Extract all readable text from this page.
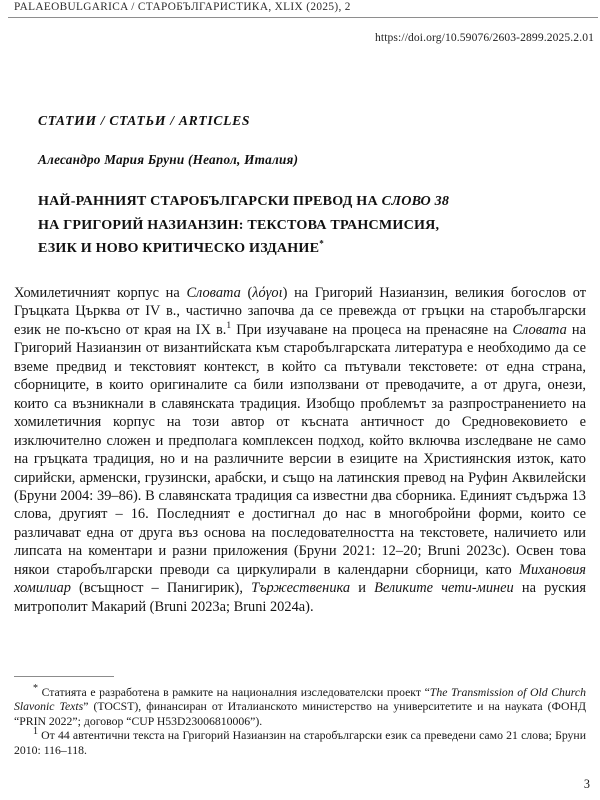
PALAEOBULGARICA / СТАРОБЪЛГАРИСТИКА, XLIX (2025), 2
https://doi.org/10.59076/2603-2899.2025.2.01
СТАТИИ / СТАТЬИ / ARTICLES
Алесандро Мария Бруни (Неапол, Италия)
НАЙ-РАННИЯТ СТАРОБЪЛГАРСКИ ПРЕВОД НА СЛОВО 38
НА ГРИГОРИЙ НАЗИАНЗИН: ТЕКСТОВА ТРАНСМИСИЯ,
ЕЗИК И НОВО КРИТИЧЕСКО ИЗДАНИЕ*

Хомилетичният корпус на Словата (λόγοι) на Григорий Назианзин, великия богослов от Гръцката Църква от IV в., частично започва да се превежда от гръцки на старобългарски език не по-късно от края на IX в.$^1$ При изучаване на процеса на пренасяне на Словата на Григорий Назианзин от византийската към старобългарската литература е необходимо да се вземе предвид и текстовият контекст, в който са пътували текстовете: от една страна, сборниците, в които оригиналите са били използвани от преводачите, а от друга, онези, които са възникнали в славянската традиция. Изобщо проблемът за разпространението на хомилетичния корпус на този автор от късната античност до Средновековието е изключително сложен и предполага комплексен подход, който включва изследване не само на гръцката традиция, но и на различните версии в езиците на Християнския изток, като сирийски, арменски, грузински, арабски, и също на латинския превод на Руфин Аквилейски (Бруни 2004: 39–86). В славянската традиция са известни два сборника. Единият съдържа 13 слова, другият – 16. Последният е достигнал до нас в многобройни форми, които се различават една от друга въз основа на последователността на текстовете, наличието или липсата на коментари и разни приложения (Бруни 2021: 12–20; Bruni 2023c). Освен това някои старобългарски преводи са циркулирали в календарни сборници, като Михановия хомилиар (всъщност – Панигирик), Тържественика и Великите чети-минеи на руския митрополит Макарий (Bruni 2023a; Bruni 2024a).

* Статията е разработена в рамките на националния изследователски проект “The Transmission of Old Church Slavonic Texts” (TOCST), финансиран от Италианското министерство на университетите и на науката (ФОНД “PRIN 2022”; договор “CUP H53D23006810006”).

1 От 44 автентични текста на Григорий Назианзин на старобългарски език са преведени само 21 слова; Бруни 2010: 116–118.

3
